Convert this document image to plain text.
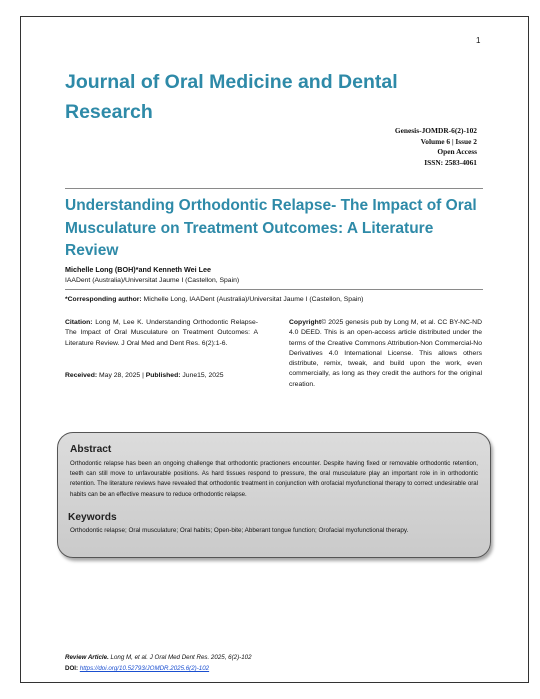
1
Journal of Oral Medicine and Dental Research
Genesis-JOMDR-6(2)-102
Volume 6 | Issue 2
Open Access
ISSN: 2583-4061
Understanding Orthodontic Relapse- The Impact of Oral Musculature on Treatment Outcomes: A Literature Review
Michelle Long (BOH)*and Kenneth Wei Lee
IAADent (Australia)/Universitat Jaume I (Castellon, Spain)
*Corresponding author: Michelle Long, IAADent (Australia)/Universitat Jaume I (Castellon, Spain)
Citation: Long M, Lee K. Understanding Orthodontic Relapse-The Impact of Oral Musculature on Treatment Outcomes: A Literature Review. J Oral Med and Dent Res. 6(2):1-6.
Received: May 28, 2025 | Published: June15, 2025
Copyright© 2025 genesis pub by Long M, et al. CC BY-NC-ND 4.0 DEED. This is an open-access article distributed under the terms of the Creative Commons Attribution-Non Commercial-No Derivatives 4.0 International License. This allows others distribute, remix, tweak, and build upon the work, even commercially, as long as they credit the authors for the original creation.
Abstract
Orthodontic relapse has been an ongoing challenge that orthodontic practioners encounter. Despite having fixed or removable orthodontic retention, teeth can still move to unfavourable positions. As hard tissues respond to pressure, the oral musculature play an important role in in orthodontic retention. The literature reviews have revealed that orthodontic treatment in conjunction with orofacial myofunctional therapy to correct undesirable oral habits can be an effective measure to reduce orthodontic relapse.
Keywords
Orthodontic relapse; Oral musculature; Oral habits; Open-bite; Abberant tongue function; Orofacial myofunctional therapy.
Review Article. Long M, et al. J Oral Med Dent Res. 2025, 6(2)-102
DOI: https://doi.org/10.52793/JOMDR.2025.6(2)-102
